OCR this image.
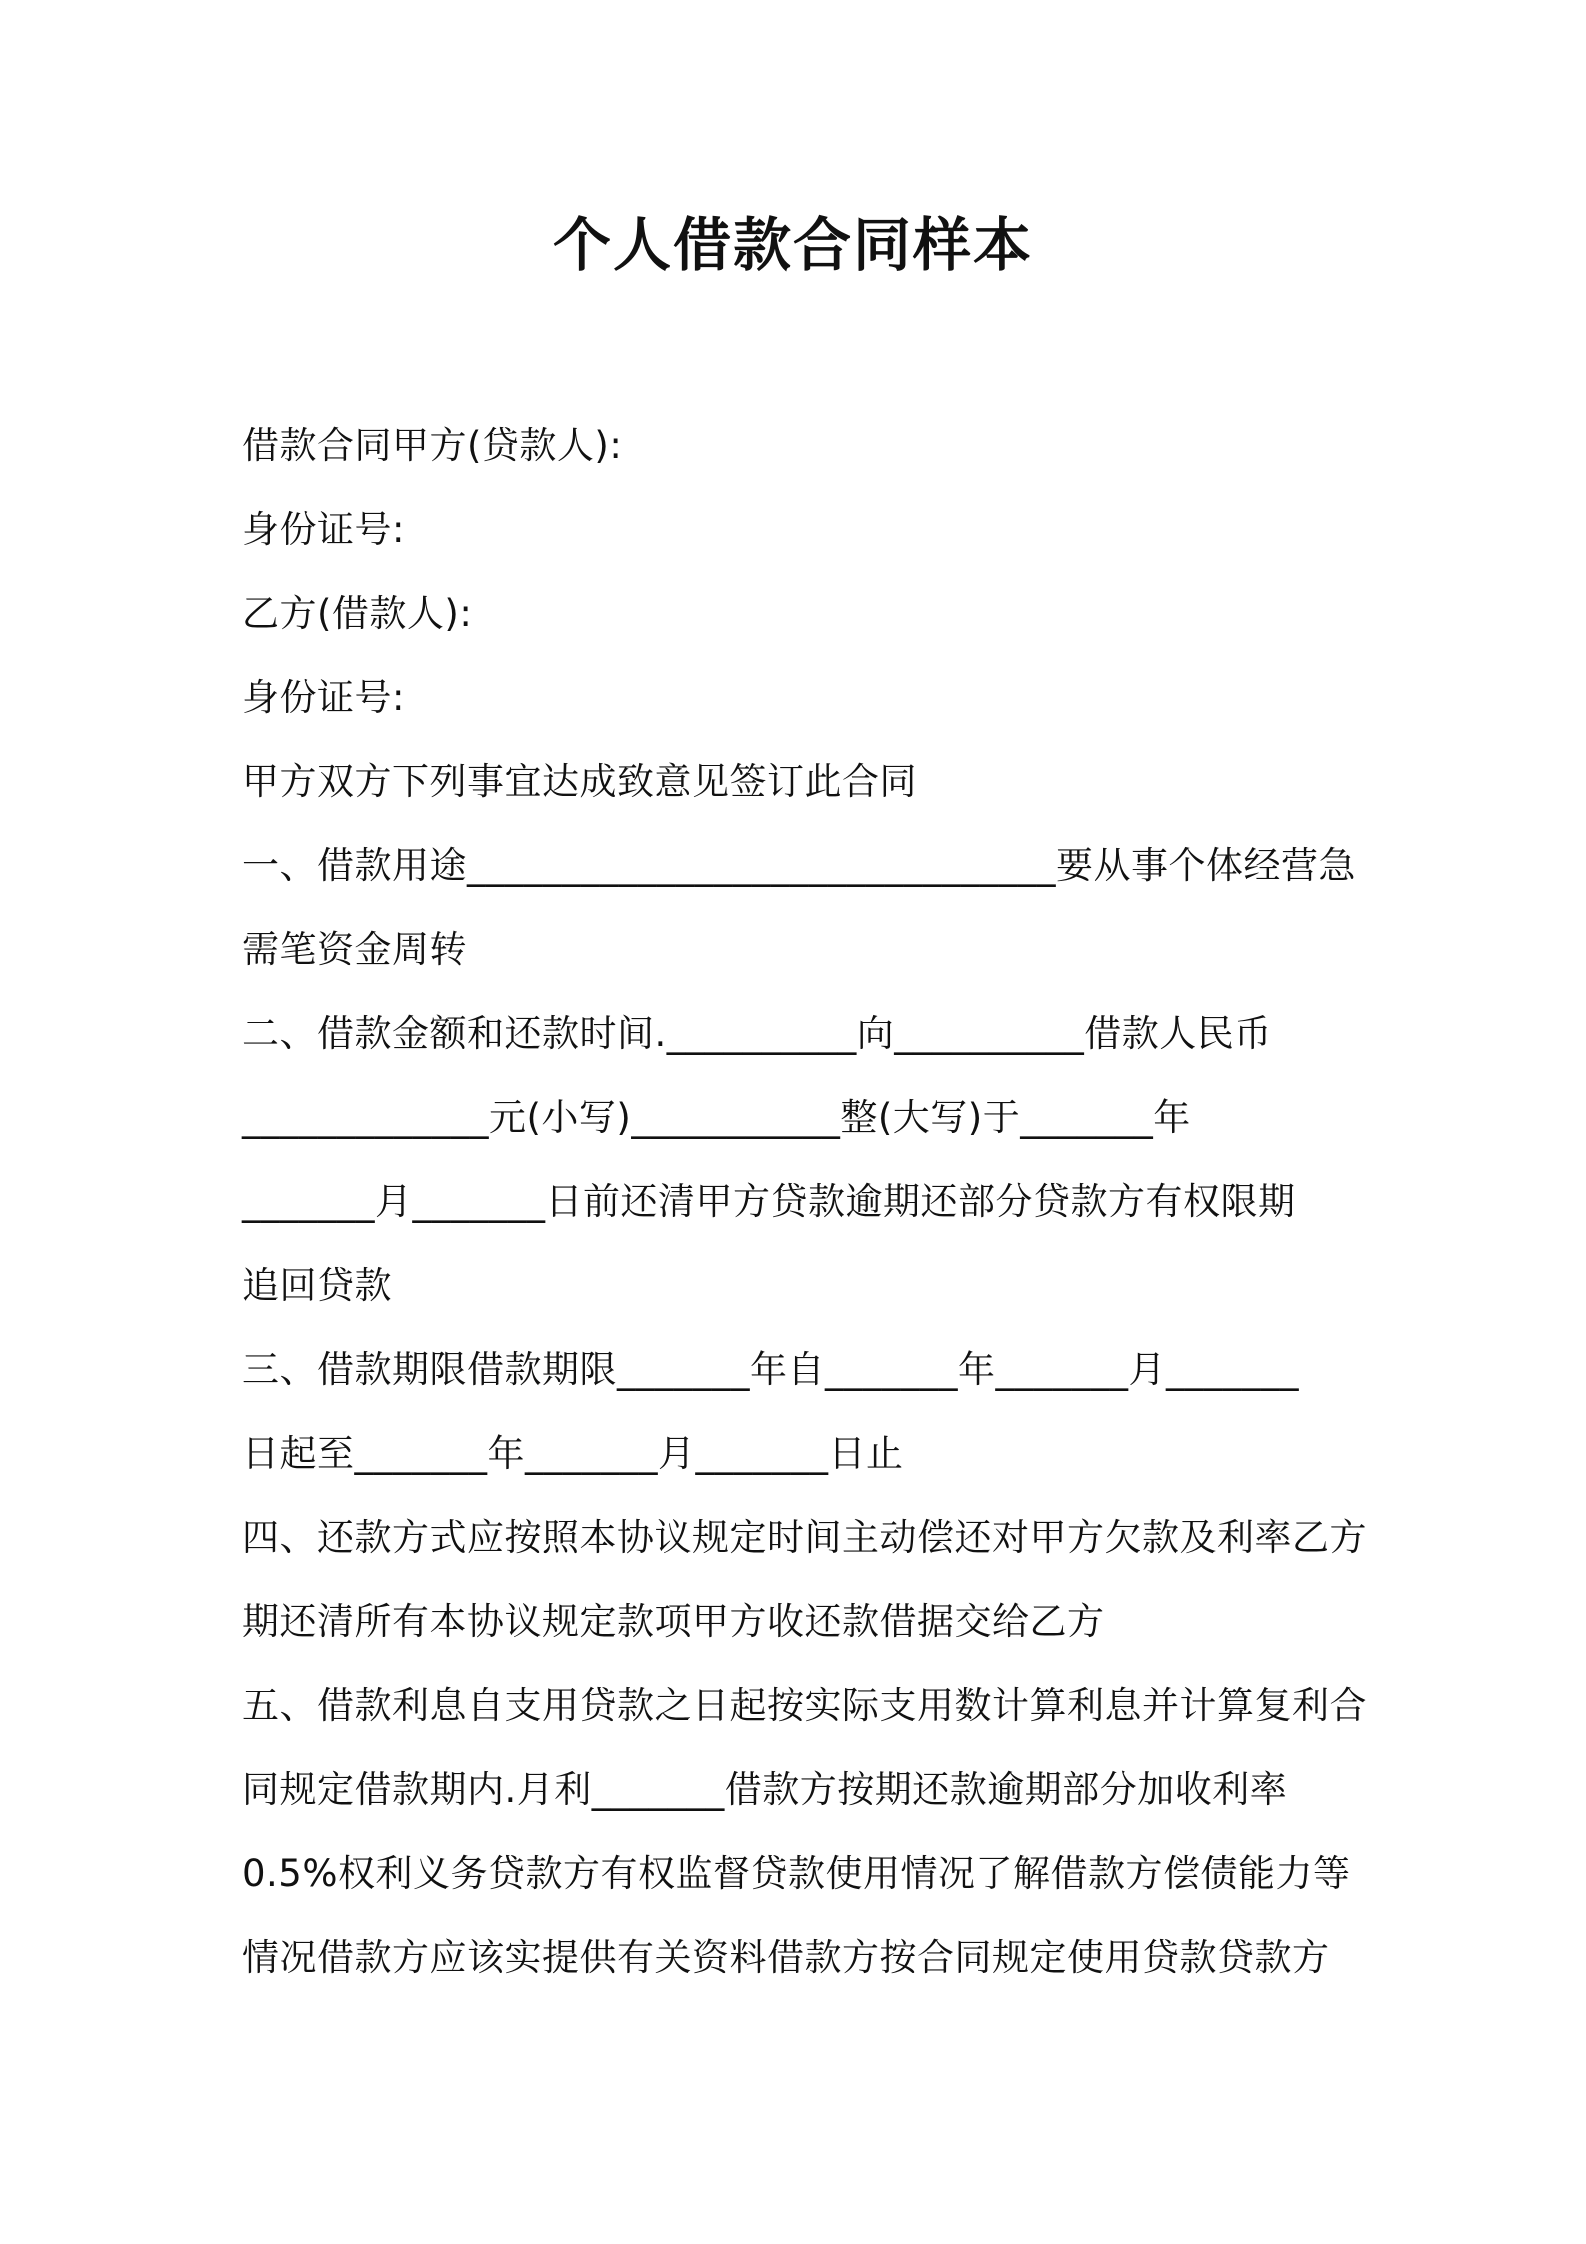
个人借款合同样本
借款合同甲方(贷款人):
身份证号:
乙方(借款人):
身份证号:
甲方双方下列事宜达成致意见签订此合同
一、借款用途_______________________________要从事个体经营急
需笔资金周转
二、借款金额和还款时间.__________向__________借款人民币
_____________元(小写)___________整(大写)于_______年
_______月_______日前还清甲方贷款逾期还部分贷款方有权限期
追回贷款
三、借款期限借款期限_______年自_______年_______月_______
日起至_______年_______月_______日止
四、还款方式应按照本协议规定时间主动偿还对甲方欠款及利率乙方
期还清所有本协议规定款项甲方收还款借据交给乙方
五、借款利息自支用贷款之日起按实际支用数计算利息并计算复利合
同规定借款期内.月利_______借款方按期还款逾期部分加收利率
0.5%权利义务贷款方有权监督贷款使用情况了解借款方偿债能力等
情况借款方应该实提供有关资料借款方按合同规定使用贷款贷款方
